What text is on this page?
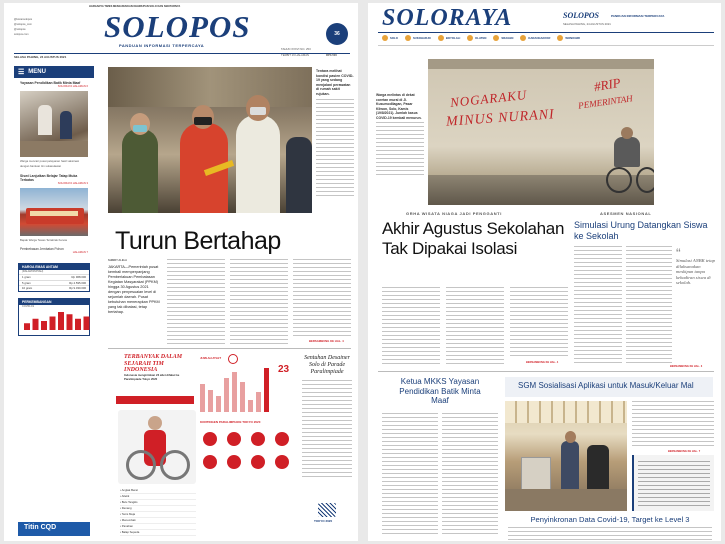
HARGANYA TIMES MENGURAIKAN KEHIDUPAN SOLO DAN SEKITARNYA
@koransolopos
@solopos_com
@solopos
solopos.com	SOLOPOS
PANDUAN INFORMASI TERPERCAYA
36
SELASA PAHING, 24 AGUSTUS 2021
TAHUN XXXVI NO. 253
TERBIT 16 HALAMAN	RP3.500
☰ MENU
Yayasan Pendidikan Batik Minta Maaf
SOLORAYA HALAMAN 6
Warga mencari pusat pelayanan hasil vaksinasi dengan bantuan tim sukarelawan
Siswi Lanjutkan Belajar Tatap Muka Terbatas
SOLORAYA HALAMAN 3
Bapak Warga Tewas Tertabrak Kereta
Pembebasan Jembatan Pohon
HALAMAN 7
HARGA EMAS ANTAM
(DALAM RUPIAH)
1 gram	Rp 968.000
5 gram	Rp 4.595.000
10 gram	Rp 9.030.000
PERKEMBANGAN
COVID-19
Titin CQD
Tentara melihat kondisi pasien COVID-19 yang sedang menjalani perawatan di rumah sakit rujukan.
Turun Bertahap
SHINDY ALELA
JAKARTA—Pemerintah pusat kembali memperpanjang Pemberlakuan Pembatasan Kegiatan Masyarakat (PPKM) hingga 30 Agustus 2021 dengan penyesuaian level di sejumlah daerah. Pusat kebutuhan menerapkan PPKM yang tak dibatasi, tetap bertahap.
BERSAMBUNG KE HAL. 4
TERBANYAK DALAM SEJARAH TIM INDONESIA
Indonesia mengirimkan 23 atlet difabel ke Paralimpiade Tokyo 2020
JUMLAH ATLET
23
KONTINGEN PARALIMPIADE TOKYO 2020
• Angkat Berat
• Atletik
• Bulu Tangkis
• Renang
• Tenis Meja
• Menembak
• Panahan
• Balap Sepeda
Sentuhan Desainer Solo di Parade Paralimpiade
TOKYO 2020
SOLORAYA	SOLOPOS	PANDUAN INFORMASI TERPERCAYA
SELASA PAHING, 24 AGUSTUS 2021
SOLO	SUKOHARJO	BOYOLALI	KLATEN	SRAGEN	KARANGANYAR	WONOGIRI
NOGARAKU
MINUS NURANI
#RIP
PEMERINTAH
Warga melintas di dekat coretan mural di Jl. Kusumodilagan, Pasar Kliwon, Solo, Kamis (19/8/2021). Jumlah kasus COVID-19 kembali menurun.
GRHA WISATA NIAGA JADI PENGGANTI
Akhir Agustus Sekolahan Tak Dipakai Isolasi
BERSAMBUNG KE HAL. 4
ASESMEN NASIONAL
Simulasi Urung Datangkan Siswa ke Sekolah
“
Simulasi ANBK tetap dilaksanakan meskipun tanpa kehadiran siswa di sekolah.
BERSAMBUNG KE HAL. 3
Ketua MKKS Yayasan Pendidikan Batik Minta Maaf
SGM Sosialisasi Aplikasi untuk Masuk/Keluar Mal
BERSAMBUNG KE HAL. 7
Penyinkronan Data Covid-19, Target ke Level 3
